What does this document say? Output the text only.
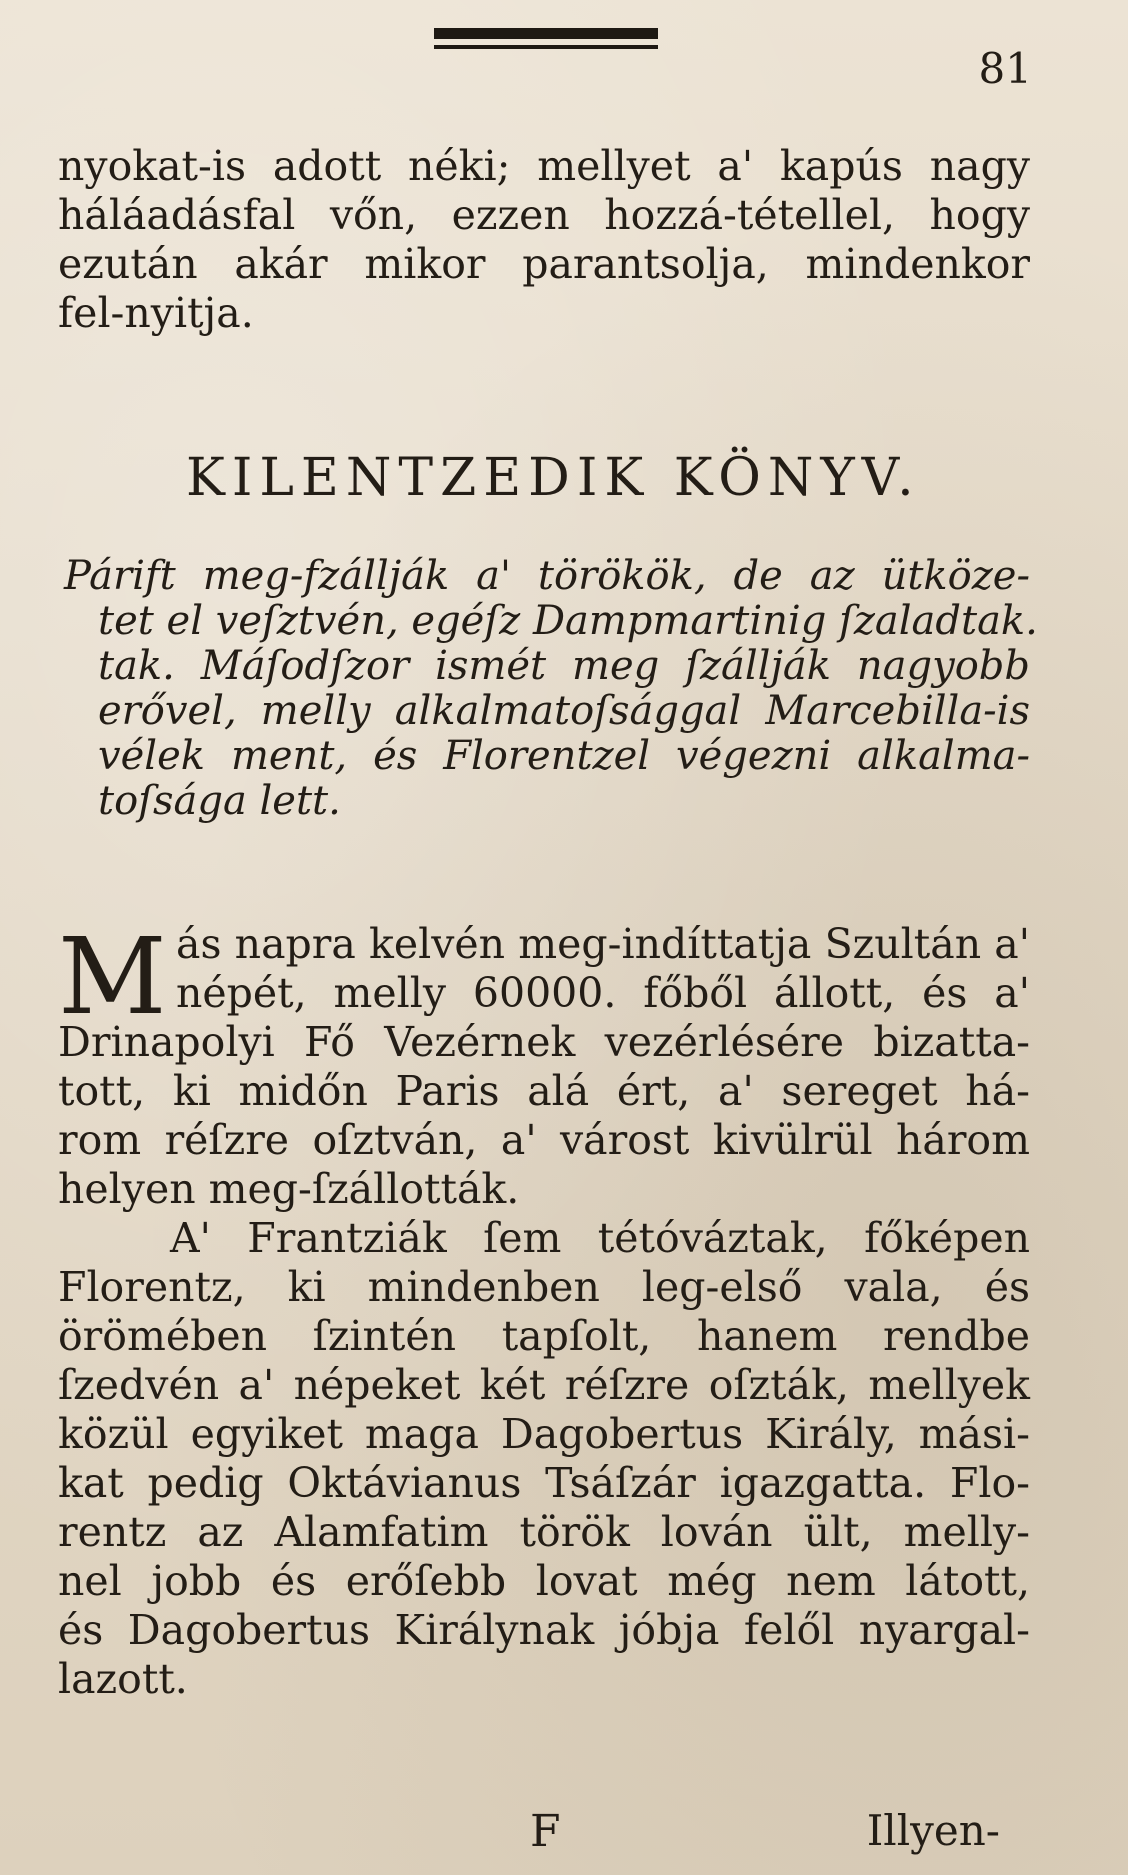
81
nyokat-is adott néki; mellyet a' kapús nagy
háláadásfal vőn, ezzen hozzá-tétellel, hogy
ezután akár mikor parantsolja, mindenkor
fel-nyitja.
KILENTZEDIK KÖNYV.
Párift meg-fzállják a' törökök, de az ütköze-
tet el veſztvén, egéſz Dampmartinig ſzaladtak.
tak. Máſodſzor ismét meg ſzállják nagyobb
erővel, melly alkalmatoſsággal Marcebilla-is
vélek ment, és Florentzel végezni alkalma-
toſsága lett.
M ás napra kelvén meg-indíttatja Szultán a'
népét, melly 60000. főből állott, és a'
Drinapolyi Fő Vezérnek vezérlésére bizatta-
tott, ki midőn Paris alá ért, a' sereget há-
rom réſzre oſztván, a' várost kivülrül három
helyen meg-ſzállották.
A' Frantziák ſem tétóváztak, főképen
Florentz, ki mindenben leg-első vala, és
örömében ſzintén tapſolt, hanem rendbe
ſzedvén a' népeket két réſzre oſzták, mellyek
közül egyiket maga Dagobertus Király, mási-
kat pedig Oktávianus Tsáſzár igazgatta. Flo-
rentz az Alamfatim török lován ült, melly-
nel jobb és erőſebb lovat még nem látott,
és Dagobertus Királynak jóbja felől nyargal-
lazott.
F	Illyen-
